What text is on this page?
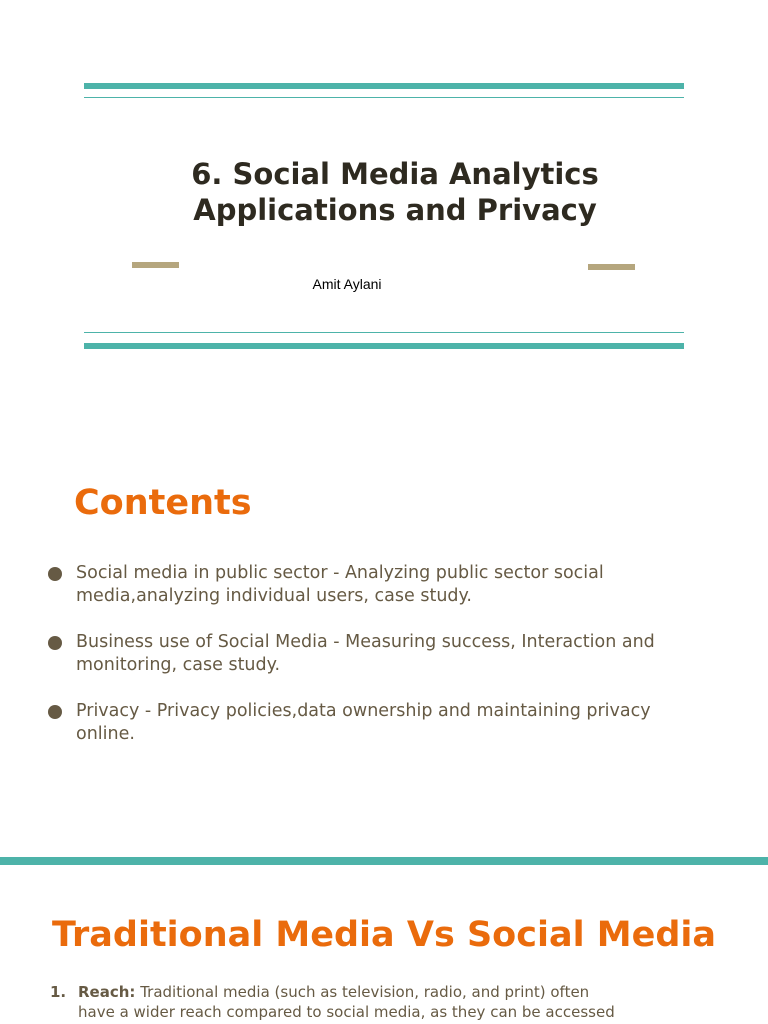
6. Social Media Analytics
Applications and Privacy
Amit Aylani
Contents
Social media in public sector - Analyzing public sector social media,analyzing individual users, case study.
Business use of Social Media - Measuring success, Interaction and monitoring, case study.
Privacy - Privacy policies,data ownership and maintaining privacy online.
Traditional Media Vs Social Media
1. Reach: Traditional media (such as television, radio, and print) often have a wider reach compared to social media, as they can be accessed
